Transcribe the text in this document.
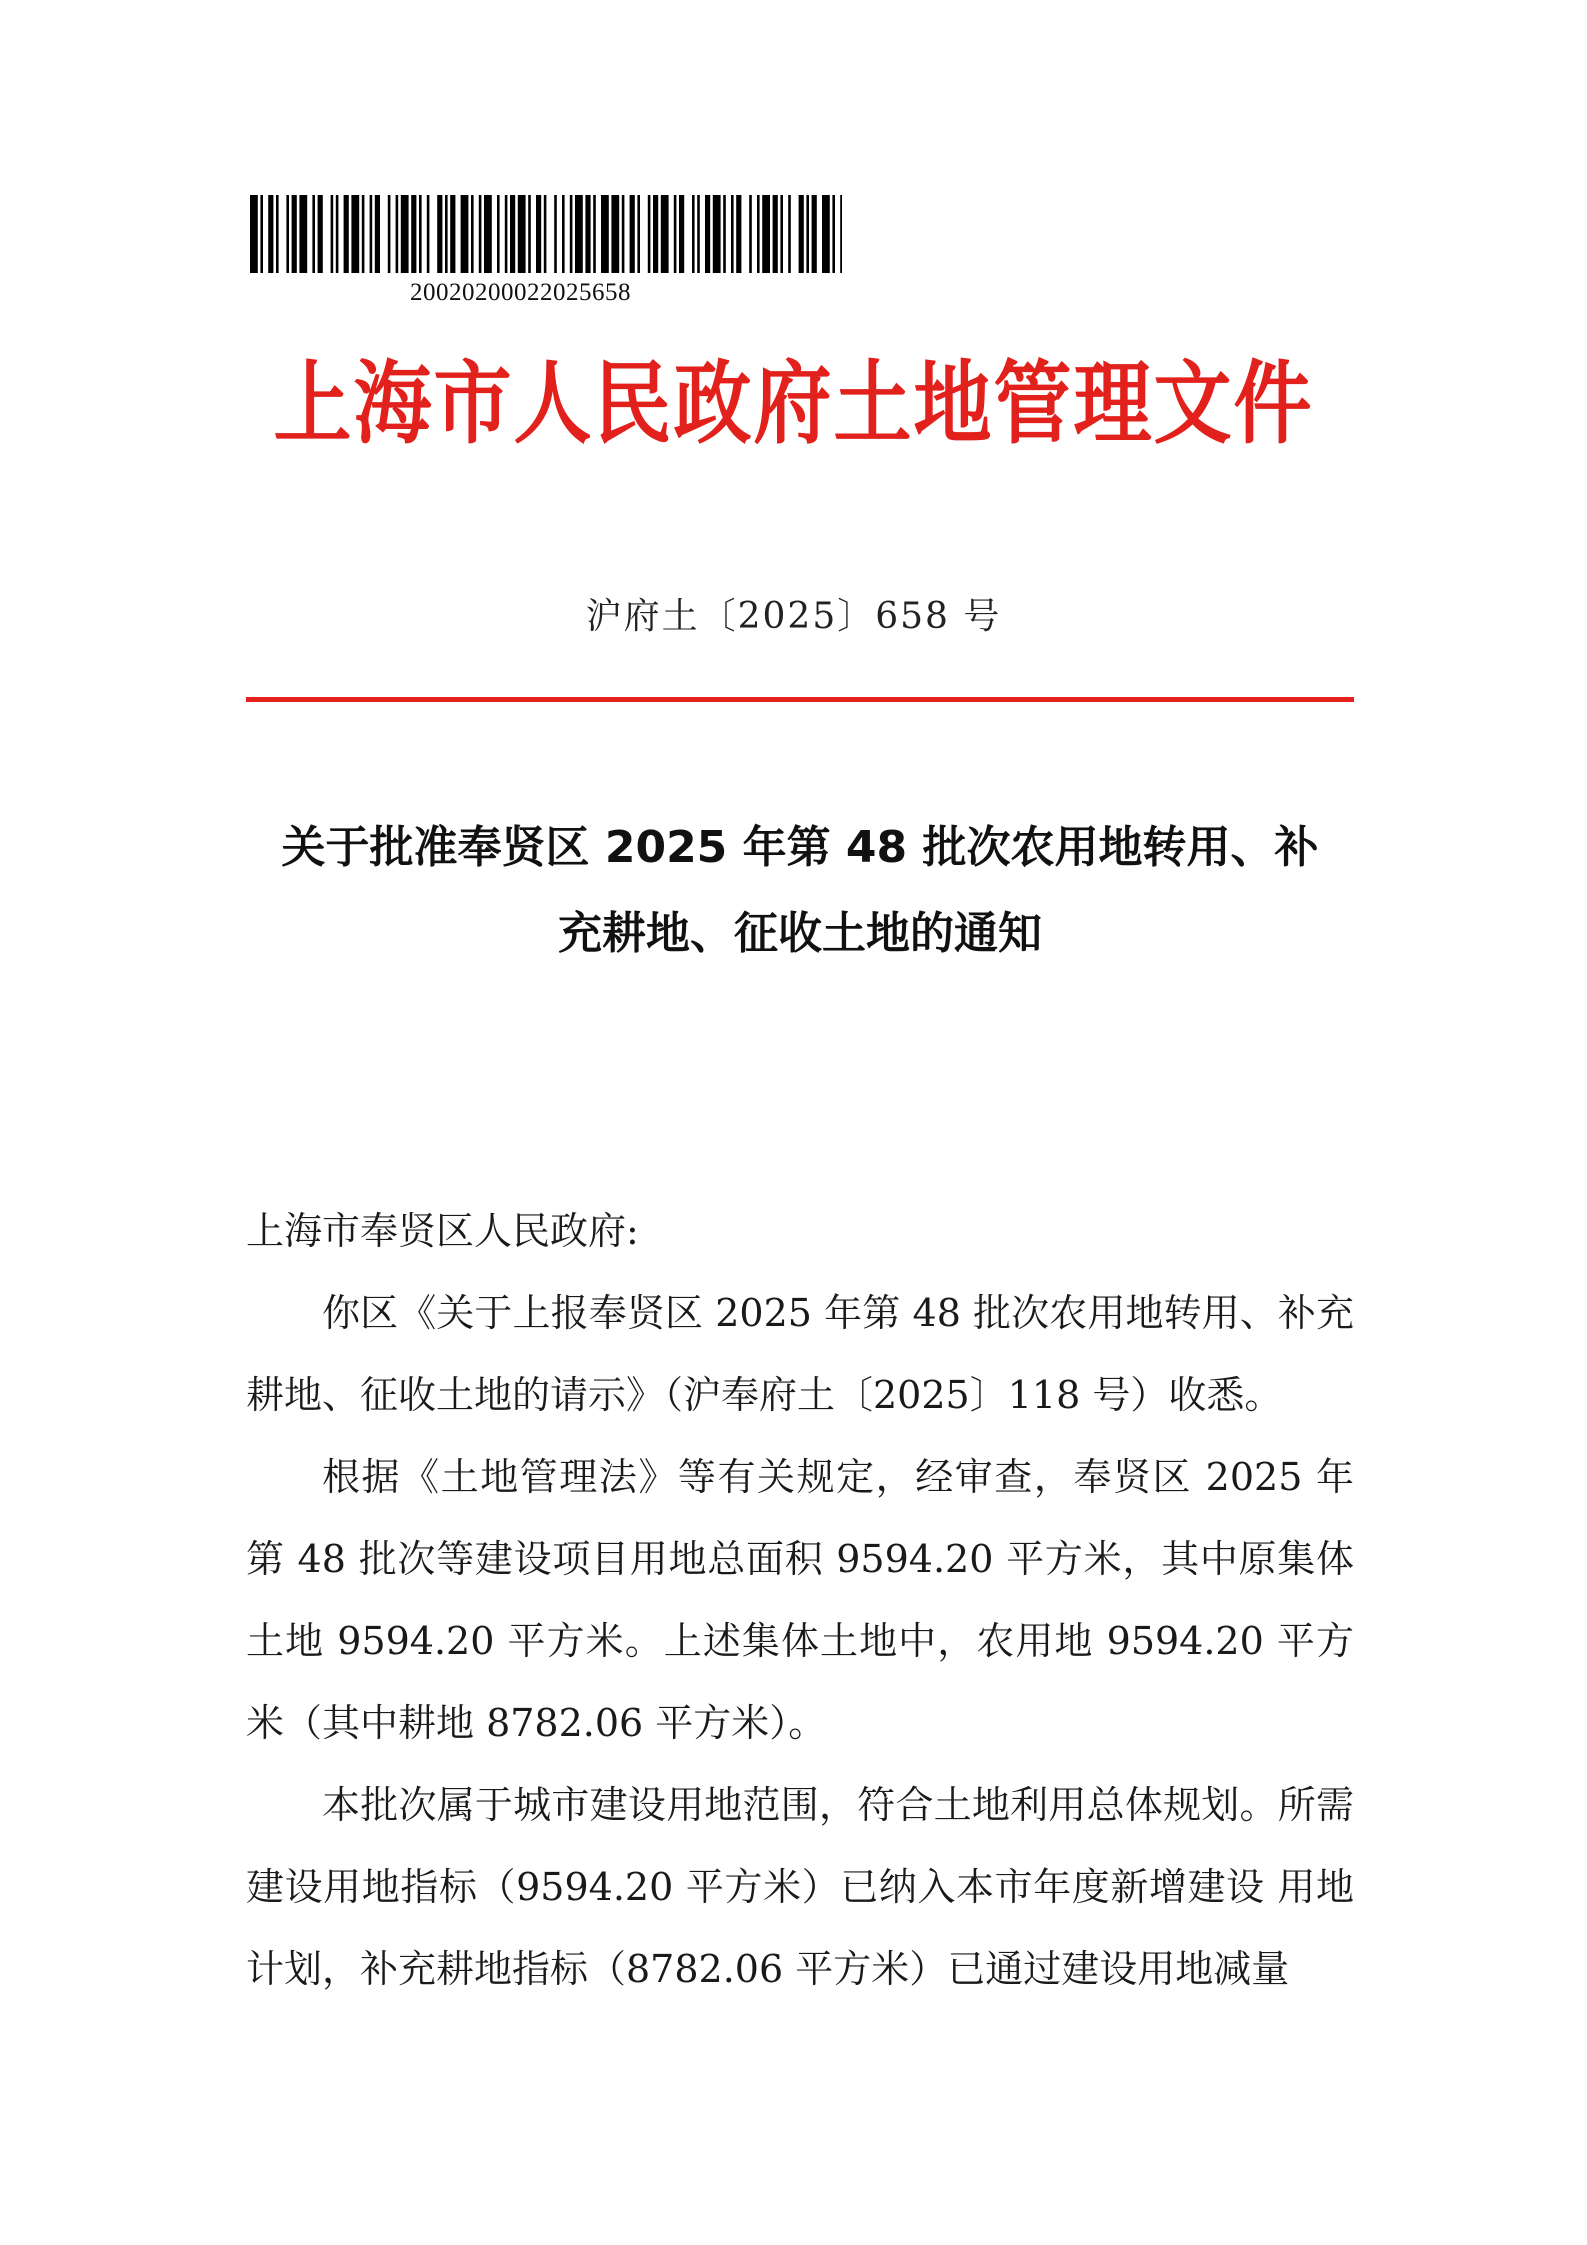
20020200022025658
上海市人民政府土地管理文件
沪府土〔2025〕658 号
关于批准奉贤区 2025 年第 48 批次农用地转用、补
充耕地、征收土地的通知

上海市奉贤区人民政府:

你区《关于上报奉贤区 2025 年第 48 批次农用地转用、补充耕地、征收土地的请示》（沪奉府土〔2025〕118 号）收悉。

根据《土地管理法》等有关规定，经审查，奉贤区 2025 年第 48 批次等建设项目用地总面积 9594.20 平方米，其中原集体土地 9594.20 平方米。上述集体土地中，农用地 9594.20 平方米（其中耕地 8782.06 平方米）。

本批次属于城市建设用地范围，符合土地利用总体规划。所需建设用地指标（9594.20 平方米）已纳入本市年度新增建设 用地计划，补充耕地指标（8782.06 平方米）已通过建设用地减量
